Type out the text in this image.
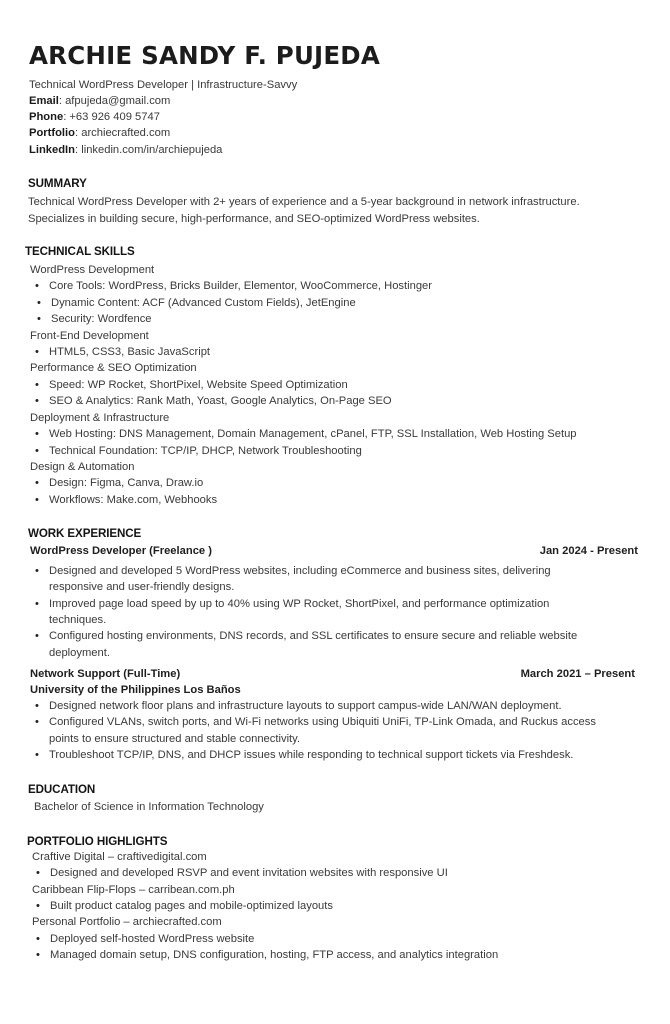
ARCHIE SANDY F. PUJEDA
Technical WordPress Developer | Infrastructure-Savvy
Email: afpujeda@gmail.com
Phone: +63 926 409 5747
Portfolio: archiecrafted.com
LinkedIn: linkedin.com/in/archiepujeda
SUMMARY
Technical WordPress Developer with 2+ years of experience and a 5-year background in network infrastructure.
Specializes in building secure, high-performance, and SEO-optimized WordPress websites.
TECHNICAL SKILLS
WordPress Development
• Core Tools: WordPress, Bricks Builder, Elementor, WooCommerce, Hostinger
• Dynamic Content: ACF (Advanced Custom Fields), JetEngine
• Security: Wordfence
Front-End Development
• HTML5, CSS3, Basic JavaScript
Performance & SEO Optimization
• Speed: WP Rocket, ShortPixel, Website Speed Optimization
• SEO & Analytics: Rank Math, Yoast, Google Analytics, On-Page SEO
Deployment & Infrastructure
• Web Hosting: DNS Management, Domain Management, cPanel, FTP, SSL Installation, Web Hosting Setup
• Technical Foundation: TCP/IP, DHCP, Network Troubleshooting
Design & Automation
• Design: Figma, Canva, Draw.io
• Workflows: Make.com, Webhooks
WORK EXPERIENCE
WordPress Developer (Freelance )	Jan 2024 - Present
• Designed and developed 5 WordPress websites, including eCommerce and business sites, delivering
responsive and user-friendly designs.
• Improved page load speed by up to 40% using WP Rocket, ShortPixel, and performance optimization
techniques.
• Configured hosting environments, DNS records, and SSL certificates to ensure secure and reliable website
deployment.
Network Support (Full-Time)	March 2021 – Present
University of the Philippines Los Baños
• Designed network floor plans and infrastructure layouts to support campus-wide LAN/WAN deployment.
• Configured VLANs, switch ports, and Wi-Fi networks using Ubiquiti UniFi, TP-Link Omada, and Ruckus access
points to ensure structured and stable connectivity.
• Troubleshoot TCP/IP, DNS, and DHCP issues while responding to technical support tickets via Freshdesk.
EDUCATION
Bachelor of Science in Information Technology
PORTFOLIO HIGHLIGHTS
Craftive Digital – craftivedigital.com
• Designed and developed RSVP and event invitation websites with responsive UI
Caribbean Flip-Flops – carribean.com.ph
• Built product catalog pages and mobile-optimized layouts
Personal Portfolio – archiecrafted.com
• Deployed self-hosted WordPress website
• Managed domain setup, DNS configuration, hosting, FTP access, and analytics integration
